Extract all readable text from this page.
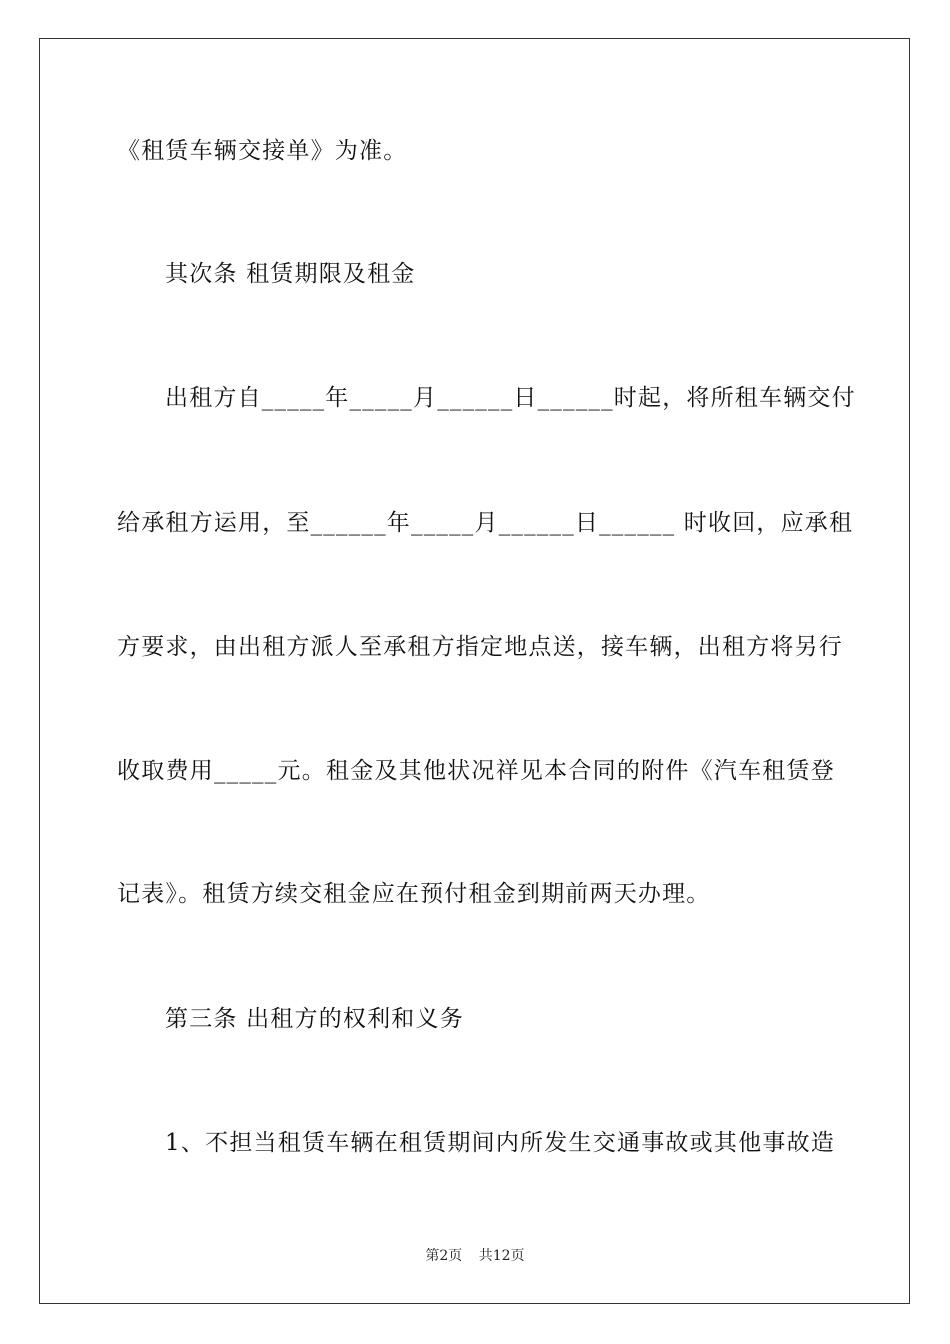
《租赁车辆交接单》为准。
其次条 租赁期限及租金
出租方自_____年_____月______日______时起，将所租车辆交付
给承租方运用，至______年_____月______日______ 时收回，应承租
方要求，由出租方派人至承租方指定地点送，接车辆，出租方将另行
收取费用_____元。租金及其他状况祥见本合同的附件《汽车租赁登
记表》。租赁方续交租金应在预付租金到期前两天办理。
第三条 出租方的权利和义务
1、不担当租赁车辆在租赁期间内所发生交通事故或其他事故造
第2页 共12页
